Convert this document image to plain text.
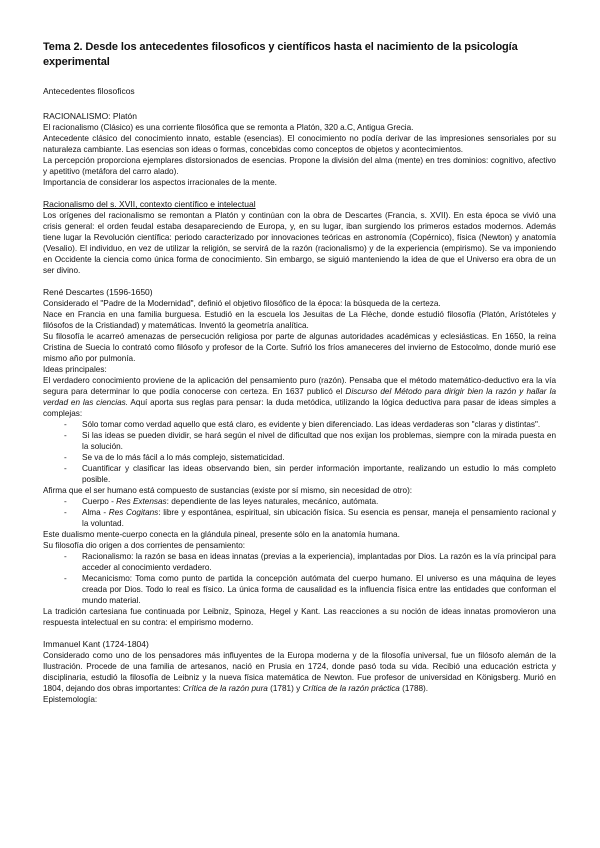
Tema 2. Desde los antecedentes filosoficos y científicos hasta el nacimiento de la psicología experimental
Antecedentes filosoficos
RACIONALISMO: Platón

El racionalismo (Clásico) es una corriente filosófica que se remonta a Platón, 320 a.C, Antigua Grecia.

Antecedente clásico del conocimiento innato, estable (esencias). El conocimiento no podía derivar de las impresiones sensoriales por su naturaleza cambiante. Las esencias son ideas o formas, concebidas como conceptos de objetos y acontecimientos.

La percepción proporciona ejemplares distorsionados de esencias. Propone la división del alma (mente) en tres dominios: cognitivo, afectivo y apetitivo (metáfora del carro alado).

Importancia de considerar los aspectos irracionales de la mente.

Racionalismo del s. XVII, contexto científico e intelectual

Los orígenes del racionalismo se remontan a Platón y continúan con la obra de Descartes (Francia, s. XVII). En esta época se vivió una crisis general: el orden feudal estaba desapareciendo de Europa, y, en su lugar, iban surgiendo los primeros estados modernos. Además tiene lugar la Revolución científica: periodo caracterizado por innovaciones teóricas en astronomía (Copérnico), física (Newton) y anatomía (Vesalio). El individuo, en vez de utilizar la religión, se servirá de la razón (racionalismo) y de la experiencia (empirismo). Se va imponiendo en Occidente la ciencia como única forma de conocimiento. Sin embargo, se siguió manteniendo la idea de que el Universo era obra de un ser divino.

René Descartes (1596-1650)

Considerado el "Padre de la Modernidad", definió el objetivo filosófico de la época: la búsqueda de la certeza.

Nace en Francia en una familia burguesa. Estudió en la escuela los Jesuitas de La Flèche, donde estudió filosofía (Platón, Arístóteles y filósofos de la Cristiandad) y matemáticas. Inventó la geometría analítica.

Su filosofía le acarreó amenazas de persecución religiosa por parte de algunas autoridades académicas y eclesiásticas. En 1650, la reina Cristina de Suecia lo contrató como filósofo y profesor de la Corte. Sufrió los fríos amaneceres del invierno de Estocolmo, donde murió ese mismo año por pulmonía.

Ideas principales:

El verdadero conocimiento proviene de la aplicación del pensamiento puro (razón). Pensaba que el método matemático-deductivo era la vía segura para determinar lo que podía conocerse con certeza. En 1637 publicó el Discurso del Método para dirigir bien la razón y hallar la verdad en las ciencias. Aquí aporta sus reglas para pensar: la duda metódica, utilizando la lógica deductiva para pasar de ideas simples a complejas:

- Sólo tomar como verdad aquello que está claro, es evidente y bien diferenciado. Las ideas verdaderas son "claras y distintas".
- Si las ideas se pueden dividir, se hará según el nivel de dificultad que nos exijan los problemas, siempre con la mirada puesta en la solución.
- Se va de lo más fácil a lo más complejo, sistematicidad.
- Cuantificar y clasificar las ideas observando bien, sin perder información importante, realizando un estudio lo más completo posible.

Afirma que el ser humano está compuesto de sustancias (existe por sí mismo, sin necesidad de otro):

- Cuerpo - Res Extensas: dependiente de las leyes naturales, mecánico, autómata.
- Alma - Res Cogitans: libre y espontánea, espiritual, sin ubicación física. Su esencia es pensar, maneja el pensamiento racional y la voluntad.

Este dualismo mente-cuerpo conecta en la glándula pineal, presente sólo en la anatomía humana.

Su filosofía dio origen a dos corrientes de pensamiento:

- Racionalismo: la razón se basa en ideas innatas (previas a la experiencia), implantadas por Dios. La razón es la vía principal para acceder al conocimiento verdadero.
- Mecanicismo: Toma como punto de partida la concepción autómata del cuerpo humano. El universo es una máquina de leyes creada por Dios. Todo lo real es físico. La única forma de causalidad es la influencia física entre las entidades que conforman el mundo material.

La tradición cartesiana fue continuada por Leibniz, Spinoza, Hegel y Kant. Las reacciones a su noción de ideas innatas promovieron una respuesta intelectual en su contra: el empirismo moderno.

Immanuel Kant (1724-1804)

Considerado como uno de los pensadores más influyentes de la Europa moderna y de la filosofía universal, fue un filósofo alemán de la Ilustración. Procede de una familia de artesanos, nació en Prusia en 1724, donde pasó toda su vida. Recibió una educación estricta y disciplinaria, estudió la filosofía de Leibniz y la nueva física matemática de Newton. Fue profesor de universidad en Königsberg. Murió en 1804, dejando dos obras importantes: Crítica de la razón pura (1781) y Crítica de la razón práctica (1788).

Epistemología:
